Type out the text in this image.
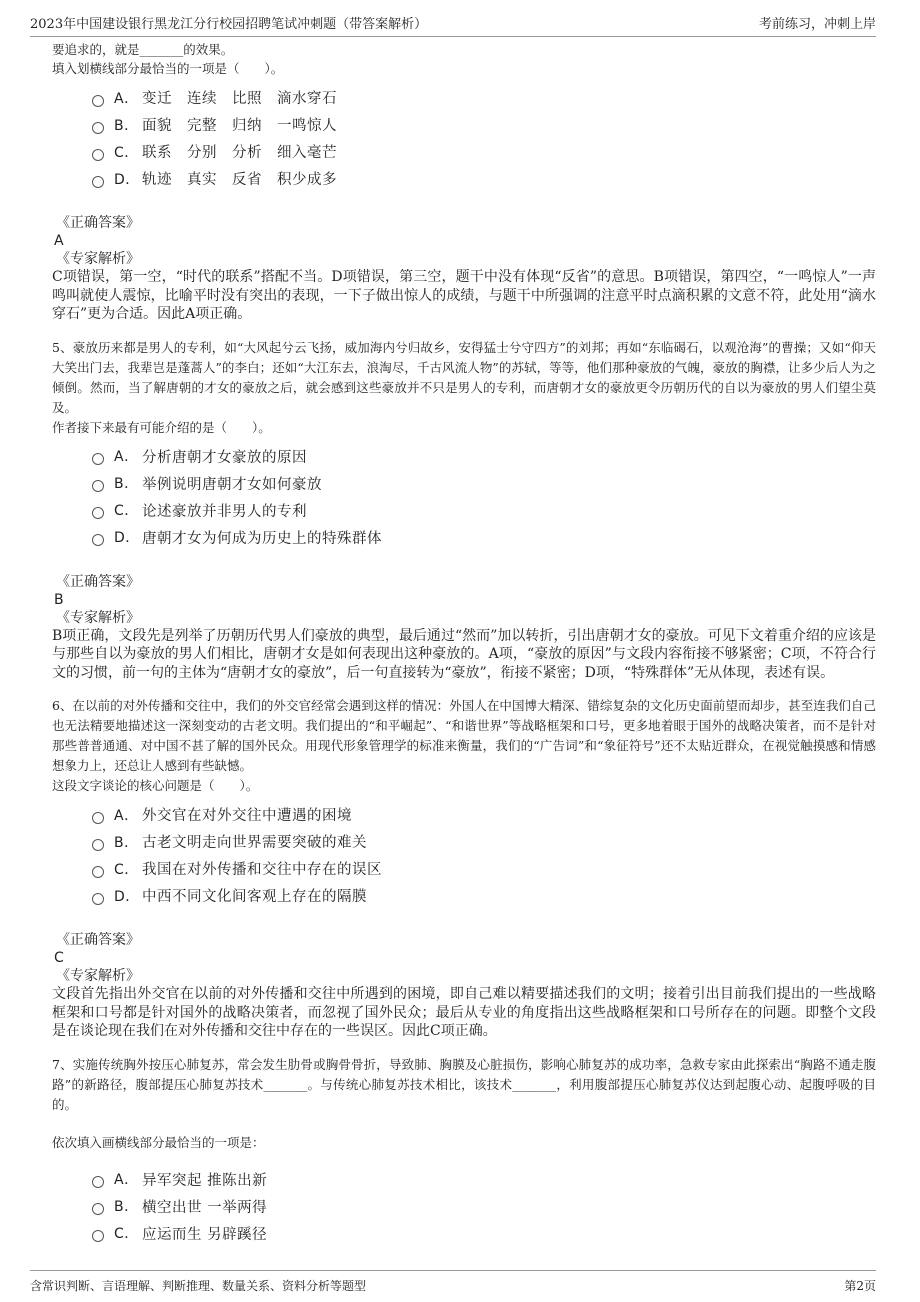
2023年中国建设银行黑龙江分行校园招聘笔试冲刺题（带答案解析）	考前练习，冲刺上岸
要追求的，就是_______的效果。
填入划横线部分最恰当的一项是（　　）。
A． 变迁　连续　比照　滴水穿石
B． 面貌　完整　归纳　一鸣惊人
C． 联系　分别　分析　细入毫芒
D． 轨迹　真实　反省　积少成多
《正确答案》
A
《专家解析》
C项错误，第一空，“时代的联系”搭配不当。D项错误，第三空，题干中没有体现“反省”的意思。B项错误，第四空，“一鸣惊人”一声鸣叫就使人震惊，比喻平时没有突出的表现，一下子做出惊人的成绩，与题干中所强调的注意平时点滴积累的文意不符，此处用“滴水穿石”更为合适。因此A项正确。

5、豪放历来都是男人的专利，如“大风起兮云飞扬，威加海内兮归故乡，安得猛士兮守四方”的刘邦；再如“东临碣石，以观沧海”的曹操；又如“仰天大笑出门去，我辈岂是蓬蒿人”的李白；还如“大江东去，浪淘尽，千古风流人物”的苏轼，等等，他们那种豪放的气魄，豪放的胸襟，让多少后人为之倾倒。然而，当了解唐朝的才女的豪放之后，就会感到这些豪放并不只是男人的专利，而唐朝才女的豪放更令历朝历代的自以为豪放的男人们望尘莫及。

作者接下来最有可能介绍的是（　　）。
A． 分析唐朝才女豪放的原因
B． 举例说明唐朝才女如何豪放
C． 论述豪放并非男人的专利
D． 唐朝才女为何成为历史上的特殊群体
《正确答案》
B
《专家解析》
B项正确，文段先是列举了历朝历代男人们豪放的典型，最后通过“然而”加以转折，引出唐朝才女的豪放。可见下文着重介绍的应该是与那些自以为豪放的男人们相比，唐朝才女是如何表现出这种豪放的。A项，“豪放的原因”与文段内容衔接不够紧密；C项，不符合行文的习惯，前一句的主体为“唐朝才女的豪放”，后一句直接转为“豪放”，衔接不紧密；D项，“特殊群体”无从体现，表述有误。

6、在以前的对外传播和交往中，我们的外交官经常会遇到这样的情况：外国人在中国博大精深、错综复杂的文化历史面前望而却步，甚至连我们自己也无法精要地描述这一深刻变动的古老文明。我们提出的“和平崛起”、“和谐世界”等战略框架和口号，更多地着眼于国外的战略决策者，而不是针对那些普普通通、对中国不甚了解的国外民众。用现代形象管理学的标准来衡量，我们的“广告词”和“象征符号”还不太贴近群众，在视觉触摸感和情感想象力上，还总让人感到有些缺憾。

这段文字谈论的核心问题是（　　）。
A． 外交官在对外交往中遭遇的困境
B． 古老文明走向世界需要突破的难关
C． 我国在对外传播和交往中存在的误区
D． 中西不同文化间客观上存在的隔膜
《正确答案》
C
《专家解析》
文段首先指出外交官在以前的对外传播和交往中所遇到的困境，即自己难以精要描述我们的文明；接着引出目前我们提出的一些战略框架和口号都是针对国外的战略决策者，而忽视了国外民众；最后从专业的角度指出这些战略框架和口号所存在的问题。即整个文段是在谈论现在我们在对外传播和交往中存在的一些误区。因此C项正确。

7、实施传统胸外按压心肺复苏，常会发生肋骨或胸骨骨折，导致肺、胸膜及心脏损伤，影响心肺复苏的成功率，急救专家由此探索出“胸路不通走腹路”的新路径，腹部提压心肺复苏技术_______。与传统心肺复苏技术相比，该技术_______，利用腹部提压心肺复苏仪达到起腹心动、起腹呼吸的目的。

依次填入画横线部分最恰当的一项是：
A． 异军突起 推陈出新
B． 横空出世 一举两得
C． 应运而生 另辟蹊径
含常识判断、言语理解、判断推理、数量关系、资料分析等题型	第2页
